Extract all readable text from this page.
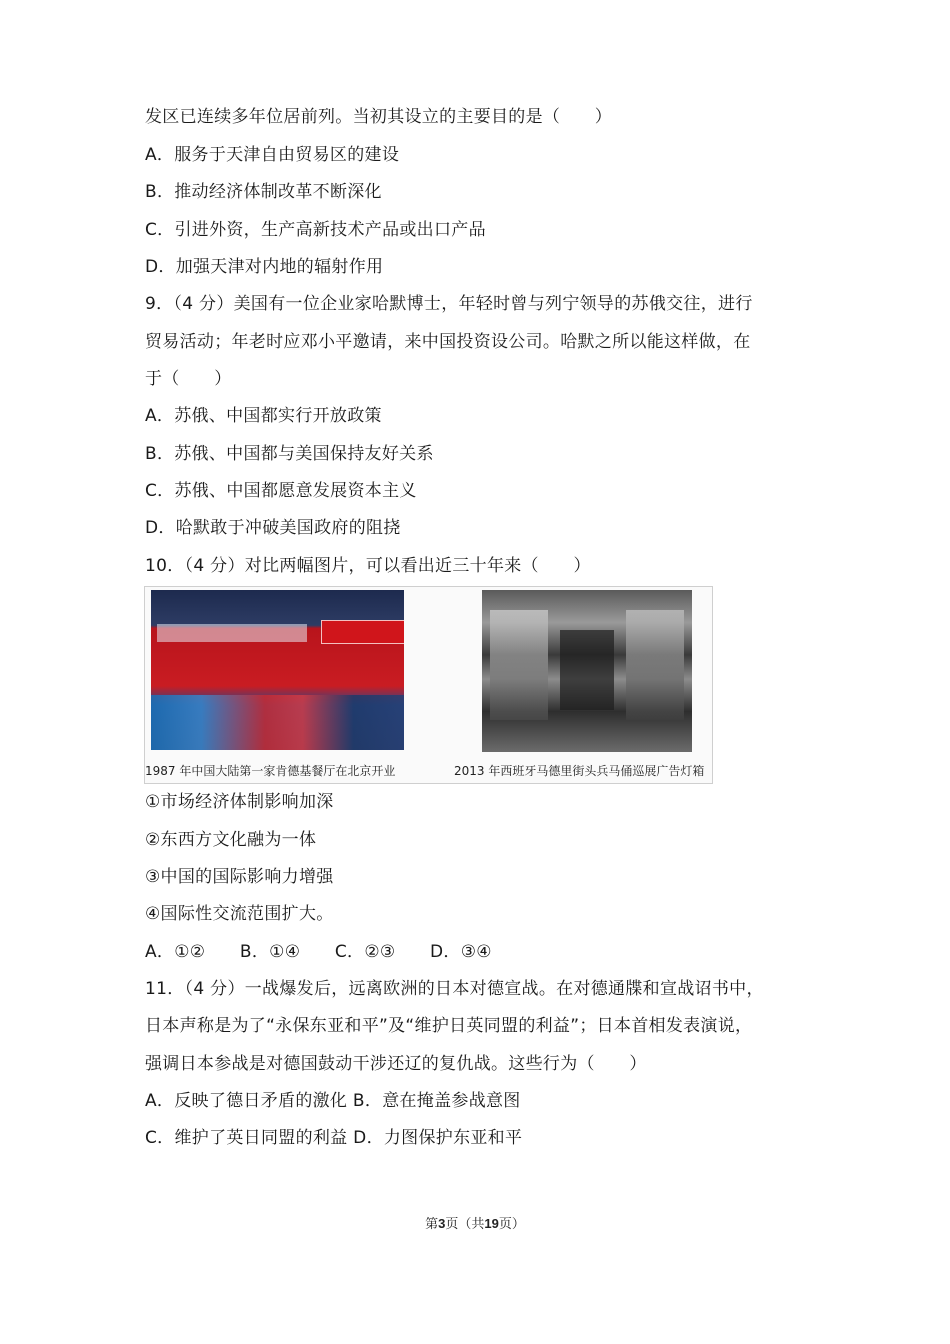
发区已连续多年位居前列。当初其设立的主要目的是（　　）
A．服务于天津自由贸易区的建设
B．推动经济体制改革不断深化
C．引进外资，生产高新技术产品或出口产品
D．加强天津对内地的辐射作用
9．（4 分）美国有一位企业家哈默博士，年轻时曾与列宁领导的苏俄交往，进行
贸易活动；年老时应邓小平邀请，来中国投资设公司。哈默之所以能这样做，在
于（　　）
A．苏俄、中国都实行开放政策
B．苏俄、中国都与美国保持友好关系
C．苏俄、中国都愿意发展资本主义
D．哈默敢于冲破美国政府的阻挠
10．（4 分）对比两幅图片，可以看出近三十年来（　　）
1987 年中国大陆第一家肯德基餐厅在北京开业	2013 年西班牙马德里街头兵马俑巡展广告灯箱
①市场经济体制影响加深
②东西方文化融为一体
③中国的国际影响力增强
④国际性交流范围扩大。
A．①②　　B．①④　　C．②③　　D．③④
11．（4 分）一战爆发后，远离欧洲的日本对德宣战。在对德通牒和宣战诏书中，
日本声称是为了“永保东亚和平”及“维护日英同盟的利益”；日本首相发表演说，
强调日本参战是对德国鼓动干涉还辽的复仇战。这些行为（　　）
A．反映了德日矛盾的激化 B．意在掩盖参战意图
C．维护了英日同盟的利益 D．力图保护东亚和平
第3页（共19页）
